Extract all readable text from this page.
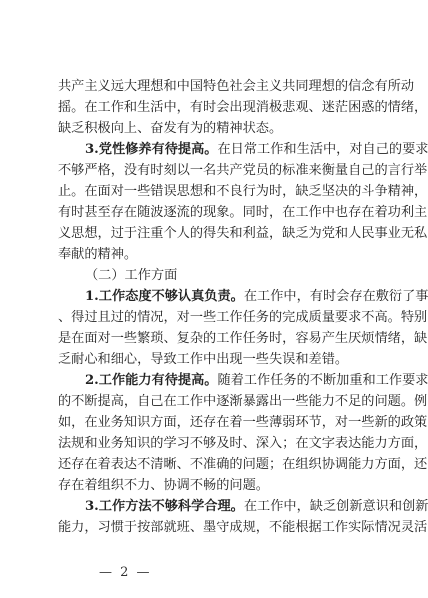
共产主义远大理想和中国特色社会主义共同理想的信念有所动
摇。在工作和生活中，有时会出现消极悲观、迷茫困惑的情绪，
缺乏积极向上、奋发有为的精神状态。
3.党性修养有待提高。在日常工作和生活中，对自己的要求
不够严格，没有时刻以一名共产党员的标准来衡量自己的言行举
止。在面对一些错误思想和不良行为时，缺乏坚决的斗争精神，
有时甚至存在随波逐流的现象。同时，在工作中也存在着功利主
义思想，过于注重个人的得失和利益，缺乏为党和人民事业无私
奉献的精神。
（二）工作方面
1.工作态度不够认真负责。在工作中，有时会存在敷衍了事
、得过且过的情况，对一些工作任务的完成质量要求不高。特别
是在面对一些繁琐、复杂的工作任务时，容易产生厌烦情绪，缺
乏耐心和细心，导致工作中出现一些失误和差错。
2.工作能力有待提高。随着工作任务的不断加重和工作要求
的不断提高，自己在工作中逐渐暴露出一些能力不足的问题。例
如，在业务知识方面，还存在着一些薄弱环节，对一些新的政策
法规和业务知识的学习不够及时、深入；在文字表达能力方面，
还存在着表达不清晰、不准确的问题；在组织协调能力方面，还
存在着组织不力、协调不畅的问题。
3.工作方法不够科学合理。在工作中，缺乏创新意识和创新
能力，习惯于按部就班、墨守成规，不能根据工作实际情况灵活
— 2 —
